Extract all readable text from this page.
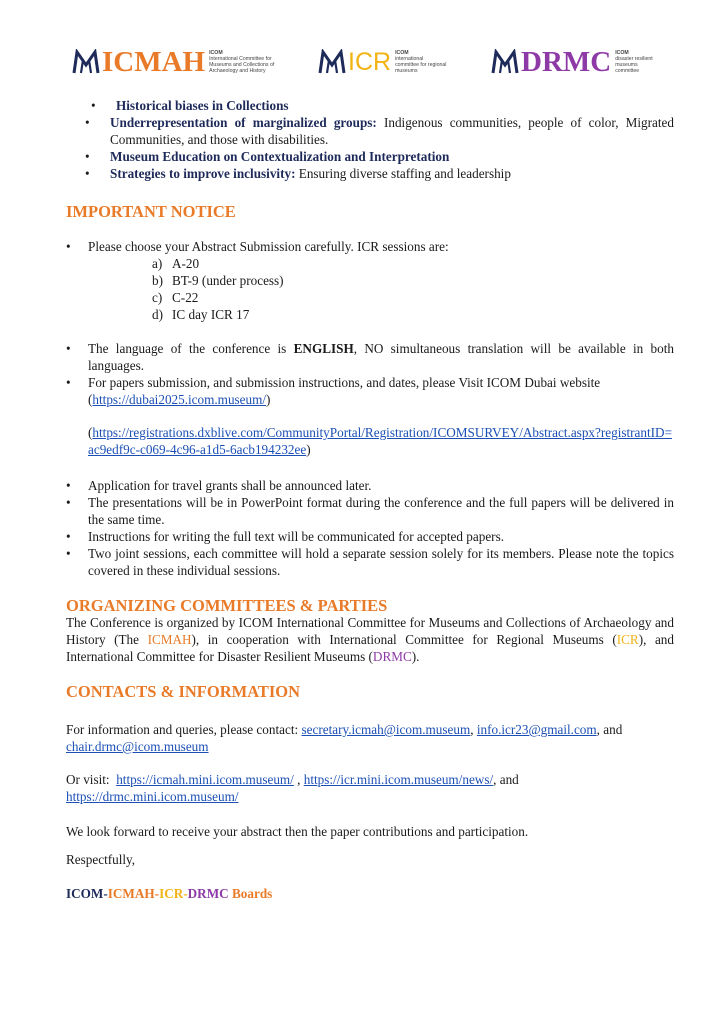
ICMAH ICOM
International Committee for Museums and Collections of Archaeology and History	ICR ICOM
international committee for regional museums	DRMC ICOM
disaster resilient museums committee
• Historical biases in Collections
• Underrepresentation of marginalized groups: Indigenous communities, people of color, Migrated Communities, and those with disabilities.
• Museum Education on Contextualization and Interpretation
• Strategies to improve inclusivity: Ensuring diverse staffing and leadership
IMPORTANT NOTICE
• Please choose your Abstract Submission carefully. ICR sessions are:
a) A-20
b) BT-9 (under process)
c) C-22
d) IC day ICR 17
• The language of the conference is ENGLISH, NO simultaneous translation will be available in both languages.
• For papers submission, and submission instructions, and dates, please Visit ICOM Dubai website
(https://dubai2025.icom.museum/)
(https://registrations.dxblive.com/CommunityPortal/Registration/ICOMSURVEY/Abstract.aspx?registrantID=ac9edf9c-c069-4c96-a1d5-6acb194232ee)
• Application for travel grants shall be announced later.
• The presentations will be in PowerPoint format during the conference and the full papers will be delivered in the same time.
• Instructions for writing the full text will be communicated for accepted papers.
• Two joint sessions, each committee will hold a separate session solely for its members. Please note the topics covered in these individual sessions.
ORGANIZING COMMITTEES & PARTIES
The Conference is organized by ICOM International Committee for Museums and Collections of Archaeology and History (The ICMAH), in cooperation with International Committee for Regional Museums (ICR), and International Committee for Disaster Resilient Museums (DRMC).
CONTACTS & INFORMATION
For information and queries, please contact: secretary.icmah@icom.museum, info.icr23@gmail.com, and chair.drmc@icom.museum
Or visit:  https://icmah.mini.icom.museum/ , https://icr.mini.icom.museum/news/, and
https://drmc.mini.icom.museum/
We look forward to receive your abstract then the paper contributions and participation.
Respectfully,
ICOM-ICMAH-ICR-DRMC Boards
